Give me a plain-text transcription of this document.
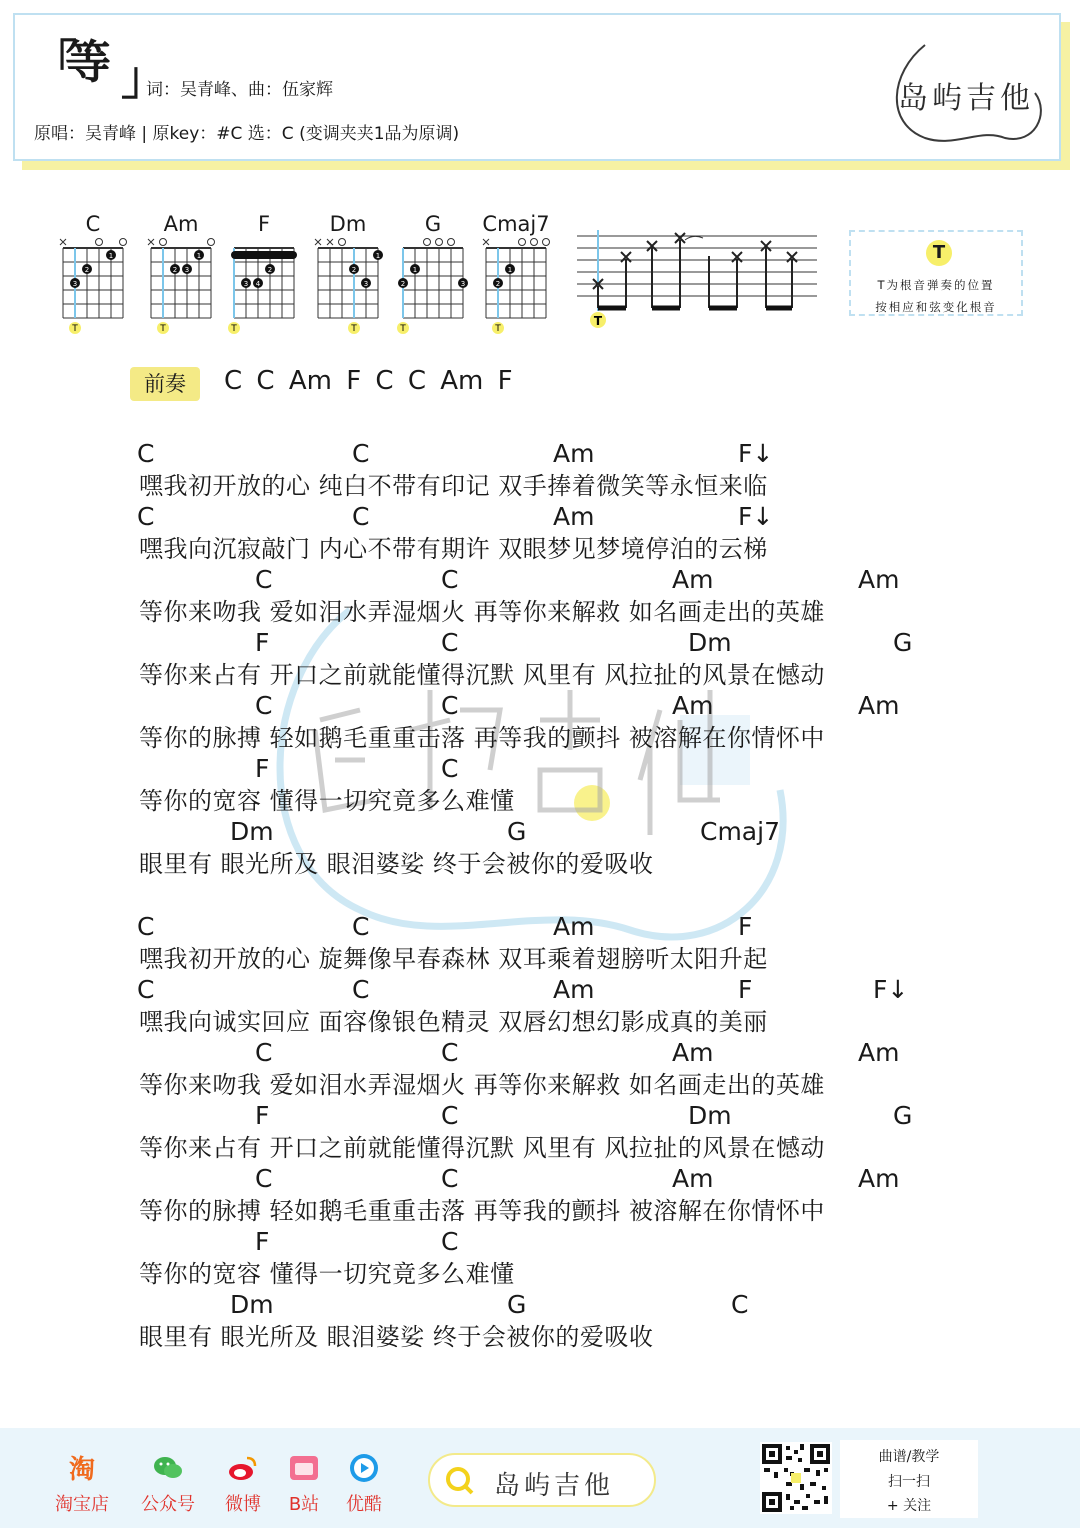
「
等 」
词：吴青峰、曲：伍家辉
原唱：吴青峰 | 原key：#C 选：C (变调夹夹1品为原调)
岛屿吉他
C
3
2
1
T
Am
2 3
1
T
F
3 4
2
T
Dm
2
3
1
T
G
2
1
3
T
Cmaj7
2
1
T
T
T
T为根音弹奏的位置
按相应和弦变化根音
前奏	C C Am F C C Am F
C	C	Am	F↓
嘿我初开放的心 纯白不带有印记 双手捧着微笑等永恒来临
C	C	Am	F↓
嘿我向沉寂敲门 内心不带有期许 双眼梦见梦境停泊的云梯
C	C	Am	Am
等你来吻我 爱如泪水弄湿烟火 再等你来解救 如名画走出的英雄
F	C	Dm	G
等你来占有 开口之前就能懂得沉默 风里有 风拉扯的风景在憾动
C	C	Am	Am
等你的脉搏 轻如鹅毛重重击落 再等我的颤抖 被溶解在你情怀中
F	C
等你的宽容 懂得一切究竟多么难懂
Dm	G	Cmaj7
眼里有 眼光所及 眼泪婆娑 终于会被你的爱吸收
C	C	Am	F
嘿我初开放的心 旋舞像早春森林 双耳乘着翅膀听太阳升起
C	C	Am	F	F↓
嘿我向诚实回应 面容像银色精灵 双唇幻想幻影成真的美丽
C	C	Am	Am
等你来吻我 爱如泪水弄湿烟火 再等你来解救 如名画走出的英雄
F	C	Dm	G
等你来占有 开口之前就能懂得沉默 风里有 风拉扯的风景在憾动
C	C	Am	Am
等你的脉搏 轻如鹅毛重重击落 再等我的颤抖 被溶解在你情怀中
F	C
等你的宽容 懂得一切究竟多么难懂
Dm	G	C
眼里有 眼光所及 眼泪婆娑 终于会被你的爱吸收
淘
淘宝店 公众号	微博	B站	优酷
岛屿吉他
曲谱/教学
扫一扫
+ 关注
